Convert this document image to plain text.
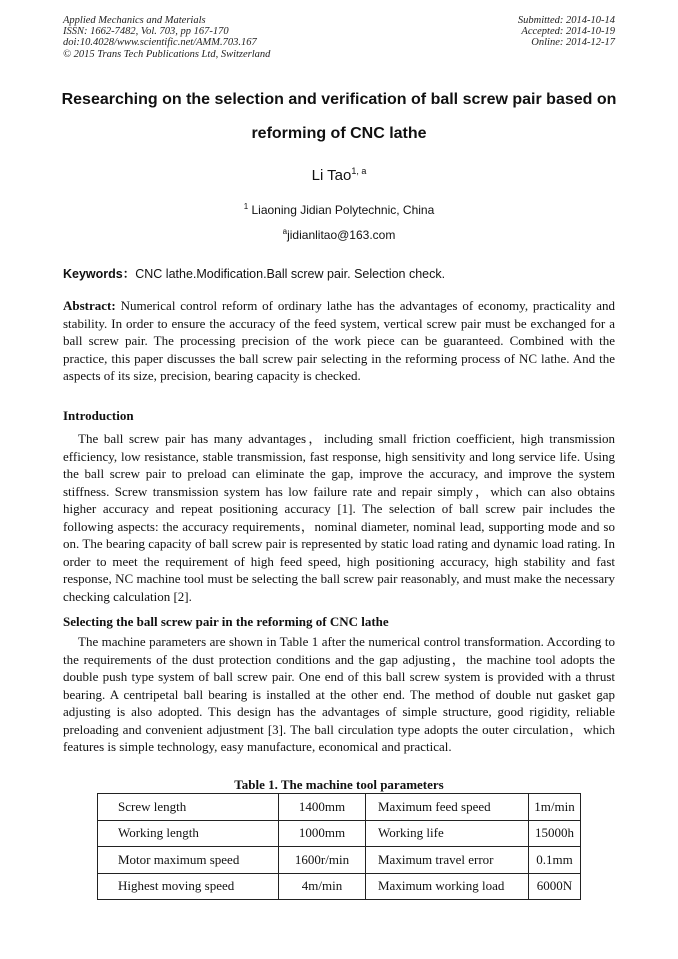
Applied Mechanics and Materials
ISSN: 1662-7482, Vol. 703, pp 167-170
doi:10.4028/www.scientific.net/AMM.703.167
© 2015 Trans Tech Publications Ltd, Switzerland
Submitted: 2014-10-14
Accepted: 2014-10-19
Online: 2014-12-17
Researching on the selection and verification of ball screw pair based on
reforming of CNC lathe
Li Tao$^{1, a}$
$^1$ Liaoning Jidian Polytechnic, China
$^a$jidianlitao@163.com
Keywords：CNC lathe.Modification.Ball screw pair. Selection check.

Abstract: Numerical control reform of ordinary lathe has the advantages of economy, practicality and stability. In order to ensure the accuracy of the feed system, vertical screw pair must be exchanged for a ball screw pair. The processing precision of the work piece can be guaranteed. Combined with the practice, this paper discusses the ball screw pair selecting in the reforming process of NC lathe. And the aspects of its size, precision, bearing capacity is checked.

Introduction

The ball screw pair has many advantages，including small friction coefficient, high transmission efficiency, low resistance, stable transmission, fast response, high sensitivity and long service life. Using the ball screw pair to preload can eliminate the gap, improve the accuracy, and improve the system stiffness. Screw transmission system has low failure rate and repair simply，which can also obtains higher accuracy and repeat positioning accuracy [1]. The selection of ball screw pair includes the following aspects: the accuracy requirements，nominal diameter, nominal lead, supporting mode and so on. The bearing capacity of ball screw pair is represented by static load rating and dynamic load rating. In order to meet the requirement of high feed speed, high positioning accuracy, high stability and fast response, NC machine tool must be selecting the ball screw pair reasonably, and must make the necessary checking calculation [2].

Selecting the ball screw pair in the reforming of CNC lathe

The machine parameters are shown in Table 1 after the numerical control transformation. According to the requirements of the dust protection conditions and the gap adjusting，the machine tool adopts the double push type system of ball screw pair. One end of this ball screw system is provided with a thrust bearing. A centripetal ball bearing is installed at the other end. The method of double nut gasket gap adjusting is also adopted. This design has the advantages of simple structure, good rigidity, reliable preloading and convenient adjustment [3]. The ball circulation type adopts the outer circulation，which features is simple technology, easy manufacture, economical and practical.

Table 1. The machine tool parameters
Screw length	1400mm	Maximum feed speed	1m/min
Working length	1000mm	Working life	15000h
Motor maximum speed	1600r/min	Maximum travel error	0.1mm
Highest moving speed	4m/min	Maximum working load	6000N
